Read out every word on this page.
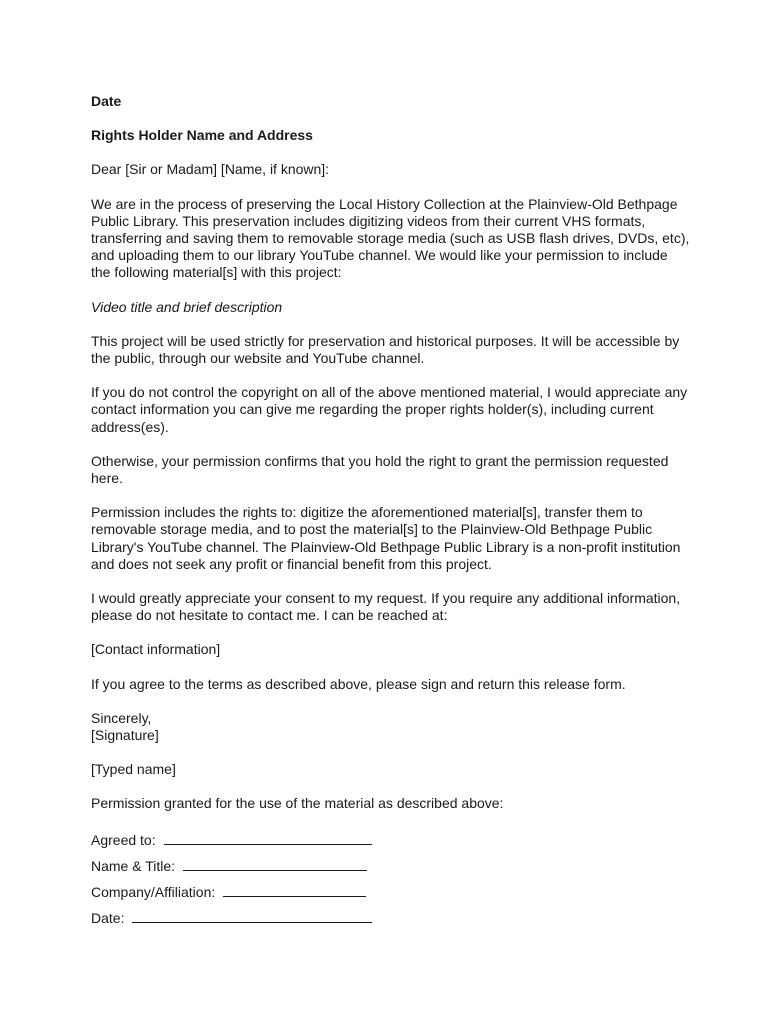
Date

Rights Holder Name and Address

Dear [Sir or Madam] [Name, if known]:

We are in the process of preserving the Local History Collection at the Plainview-Old Bethpage Public Library. This preservation includes digitizing videos from their current VHS formats, transferring and saving them to removable storage media (such as USB flash drives, DVDs, etc), and uploading them to our library YouTube channel. We would like your permission to include the following material[s] with this project:

Video title and brief description

This project will be used strictly for preservation and historical purposes. It will be accessible by the public, through our website and YouTube channel.

If you do not control the copyright on all of the above mentioned material, I would appreciate any contact information you can give me regarding the proper rights holder(s), including current address(es).

Otherwise, your permission confirms that you hold the right to grant the permission requested here.

Permission includes the rights to: digitize the aforementioned material[s], transfer them to removable storage media, and to post the material[s] to the Plainview-Old Bethpage Public Library's YouTube channel. The Plainview-Old Bethpage Public Library is a non-profit institution and does not seek any profit or financial benefit from this project.

I would greatly appreciate your consent to my request. If you require any additional information, please do not hesitate to contact me. I can be reached at:

[Contact information]

If you agree to the terms as described above, please sign and return this release form.

Sincerely,
[Signature]

[Typed name]

Permission granted for the use of the material as described above:

Agreed to:
Name & Title:
Company/Affiliation:
Date:
